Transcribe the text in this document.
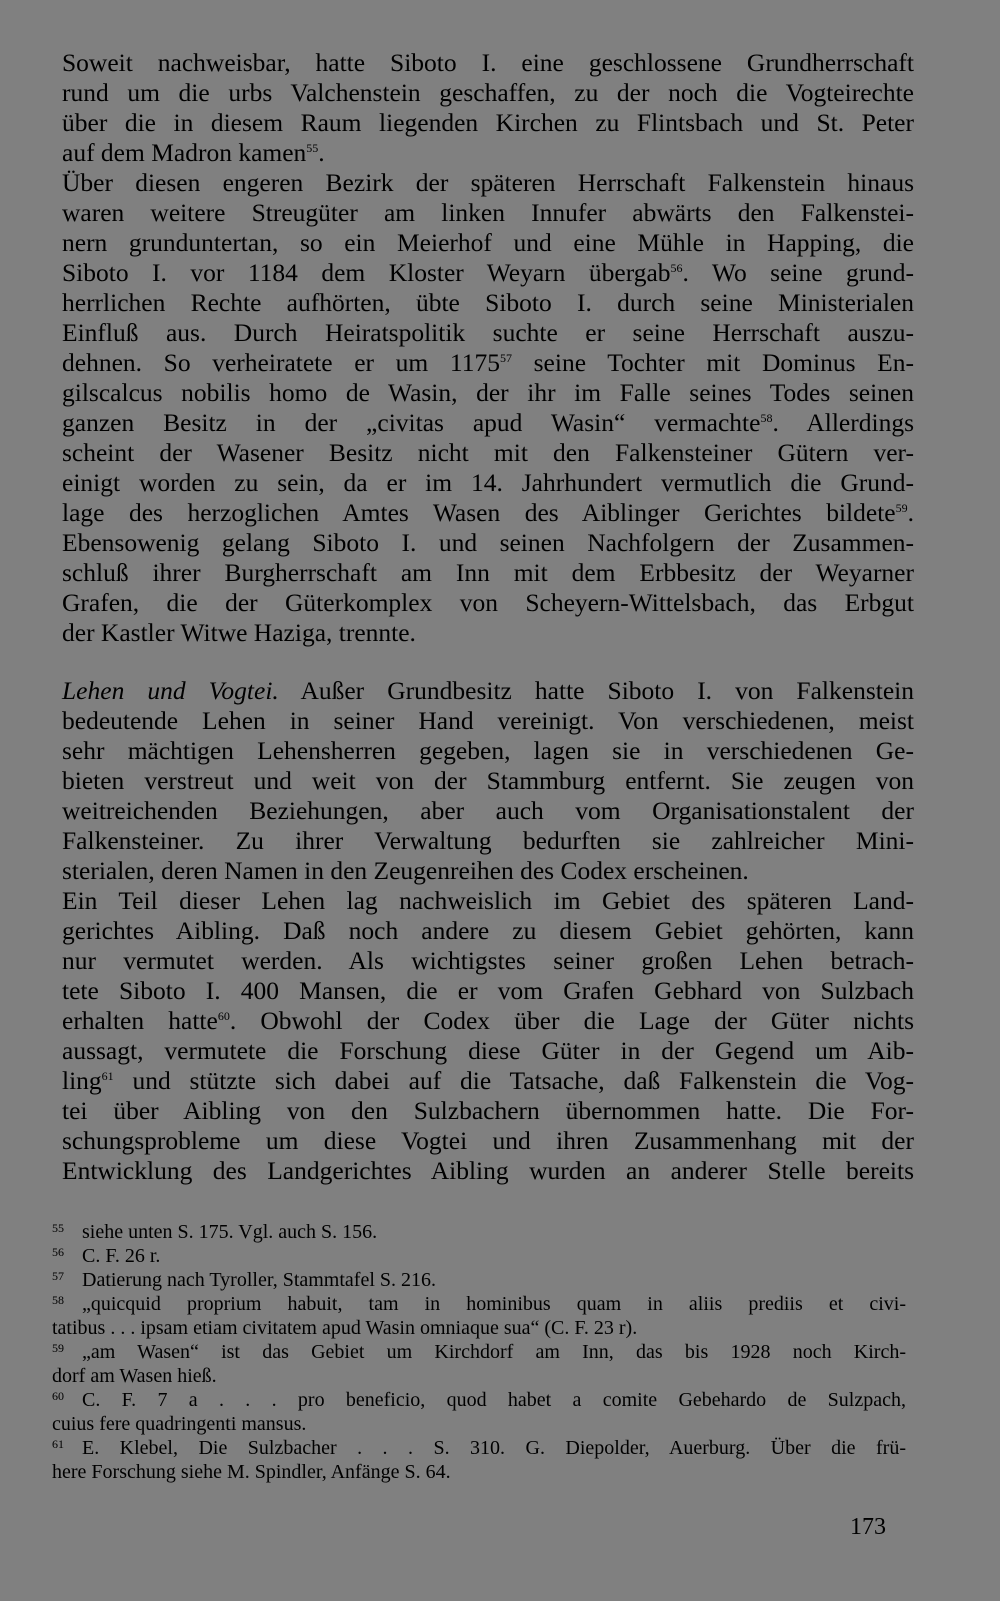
Soweit nachweisbar, hatte Siboto I. eine geschlossene Grundherrschaft
rund um die urbs Valchenstein geschaffen, zu der noch die Vogteirechte
über die in diesem Raum liegenden Kirchen zu Flintsbach und St. Peter
auf dem Madron kamen$^{55}$.
Über diesen engeren Bezirk der späteren Herrschaft Falkenstein hinaus
waren weitere Streugüter am linken Innufer abwärts den Falkenstei-
nern grunduntertan, so ein Meierhof und eine Mühle in Happing, die
Siboto I. vor 1184 dem Kloster Weyarn übergab$^{56}$. Wo seine grund-
herrlichen Rechte aufhörten, übte Siboto I. durch seine Ministerialen
Einfluß aus. Durch Heiratspolitik suchte er seine Herrschaft auszu-
dehnen. So verheiratete er um 1175$^{57}$ seine Tochter mit Dominus En-
gilscalcus nobilis homo de Wasin, der ihr im Falle seines Todes seinen
ganzen Besitz in der „civitas apud Wasin“ vermachte$^{58}$. Allerdings
scheint der Wasener Besitz nicht mit den Falkensteiner Gütern ver-
einigt worden zu sein, da er im 14. Jahrhundert vermutlich die Grund-
lage des herzoglichen Amtes Wasen des Aiblinger Gerichtes bildete$^{59}$.
Ebensowenig gelang Siboto I. und seinen Nachfolgern der Zusammen-
schluß ihrer Burgherrschaft am Inn mit dem Erbbesitz der Weyarner
Grafen, die der Güterkomplex von Scheyern-Wittelsbach, das Erbgut
der Kastler Witwe Haziga, trennte.
Lehen und Vogtei. Außer Grundbesitz hatte Siboto I. von Falkenstein
bedeutende Lehen in seiner Hand vereinigt. Von verschiedenen, meist
sehr mächtigen Lehensherren gegeben, lagen sie in verschiedenen Ge-
bieten verstreut und weit von der Stammburg entfernt. Sie zeugen von
weitreichenden Beziehungen, aber auch vom Organisationstalent der
Falkensteiner. Zu ihrer Verwaltung bedurften sie zahlreicher Mini-
sterialen, deren Namen in den Zeugenreihen des Codex erscheinen.
Ein Teil dieser Lehen lag nachweislich im Gebiet des späteren Land-
gerichtes Aibling. Daß noch andere zu diesem Gebiet gehörten, kann
nur vermutet werden. Als wichtigstes seiner großen Lehen betrach-
tete Siboto I. 400 Mansen, die er vom Grafen Gebhard von Sulzbach
erhalten hatte$^{60}$. Obwohl der Codex über die Lage der Güter nichts
aussagt, vermutete die Forschung diese Güter in der Gegend um Aib-
ling$^{61}$ und stützte sich dabei auf die Tatsache, daß Falkenstein die Vog-
tei über Aibling von den Sulzbachern übernommen hatte. Die For-
schungsprobleme um diese Vogtei und ihren Zusammenhang mit der
Entwicklung des Landgerichtes Aibling wurden an anderer Stelle bereits
55 siehe unten S. 175. Vgl. auch S. 156.
56 C. F. 26 r.
57 Datierung nach Tyroller, Stammtafel S. 216.
58 „quicquid proprium habuit, tam in hominibus quam in aliis prediis et civi-
tatibus . . . ipsam etiam civitatem apud Wasin omniaque sua“ (C. F. 23 r).
59 „am Wasen“ ist das Gebiet um Kirchdorf am Inn, das bis 1928 noch Kirch-
dorf am Wasen hieß.
60 C. F. 7 a . . . pro beneficio, quod habet a comite Gebehardo de Sulzpach,
cuius fere quadringenti mansus.
61 E. Klebel, Die Sulzbacher . . . S. 310. G. Diepolder, Auerburg. Über die frü-
here Forschung siehe M. Spindler, Anfänge S. 64.
173
